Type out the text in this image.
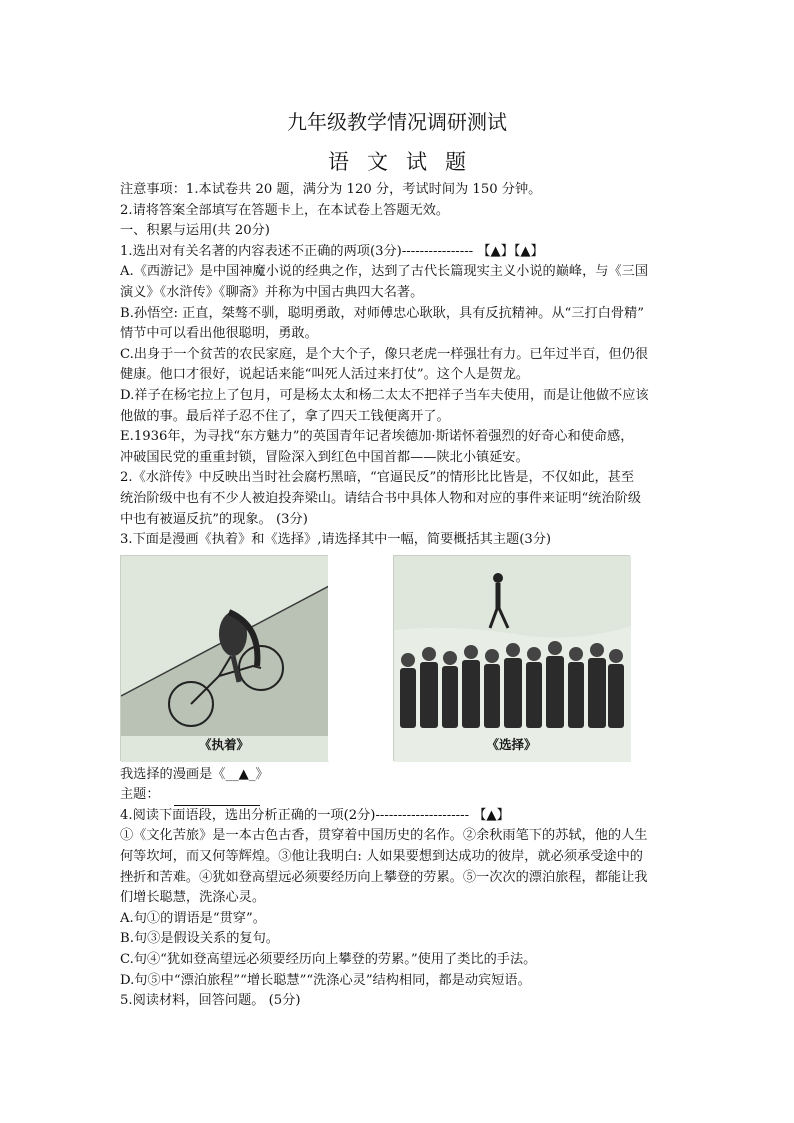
九年级教学情况调研测试
语文试题
注意事项：1.本试卷共 20 题，满分为 120 分，考试时间为 150 分钟。
2.请将答案全部填写在答题卡上，在本试卷上答题无效。
一、积累与运用(共 20分)
1.选出对有关名著的内容表述不正确的两项(3分)---------------- 【▲】【▲】
A.《西游记》是中国神魔小说的经典之作，达到了古代长篇现实主义小说的巅峰，与《三国
演义》《水浒传》《聊斋》并称为中国古典四大名著。
B.孙悟空: 正直，桀骜不驯，聪明勇敢，对师傅忠心耿耿，具有反抗精神。从“三打白骨精”
情节中可以看出他很聪明，勇敢。
C.出身于一个贫苦的农民家庭，是个大个子，像只老虎一样强壮有力。已年过半百，但仍很
健康。他口才很好，说起话来能“叫死人活过来打仗”。这个人是贺龙。
D.祥子在杨宅拉上了包月，可是杨太太和杨二太太不把祥子当车夫使用，而是让他做不应该
他做的事。最后祥子忍不住了，拿了四天工钱便离开了。
E.1936年，为寻找“东方魅力”的英国青年记者埃德加·斯诺怀着强烈的好奇心和使命感，
冲破国民党的重重封锁，冒险深入到红色中国首都——陕北小镇延安。
2.《水浒传》中反映出当时社会腐朽黑暗，“官逼民反”的情形比比皆是，不仅如此，甚至
统治阶级中也有不少人被迫投奔梁山。请结合书中具体人物和对应的事件来证明“统治阶级
中也有被逼反抗”的现象。 (3分)
3.下面是漫画《执着》和《选择》,请选择其中一幅，简要概括其主题(3分)
《执着》	《选择》
我选择的漫画是《__▲_》
主题：
4.阅读下面语段，选出分析正确的一项(2分)--------------------- 【▲】
①《文化苦旅》是一本古色古香，贯穿着中国历史的名作。②余秋雨笔下的苏轼，他的人生
何等坎坷，而又何等辉煌。③他让我明白: 人如果要想到达成功的彼岸，就必须承受途中的
挫折和苦难。④犹如登高望远必须要经历向上攀登的劳累。⑤一次次的漂泊旅程，都能让我
们增长聪慧，洗涤心灵。
A.句①的谓语是“贯穿”。
B.句③是假设关系的复句。
C.句④“犹如登高望远必须要经历向上攀登的劳累。”使用了类比的手法。
D.句⑤中“漂泊旅程”“增长聪慧”“洗涤心灵”结构相同，都是动宾短语。
5.阅读材料，回答问题。 (5分)
